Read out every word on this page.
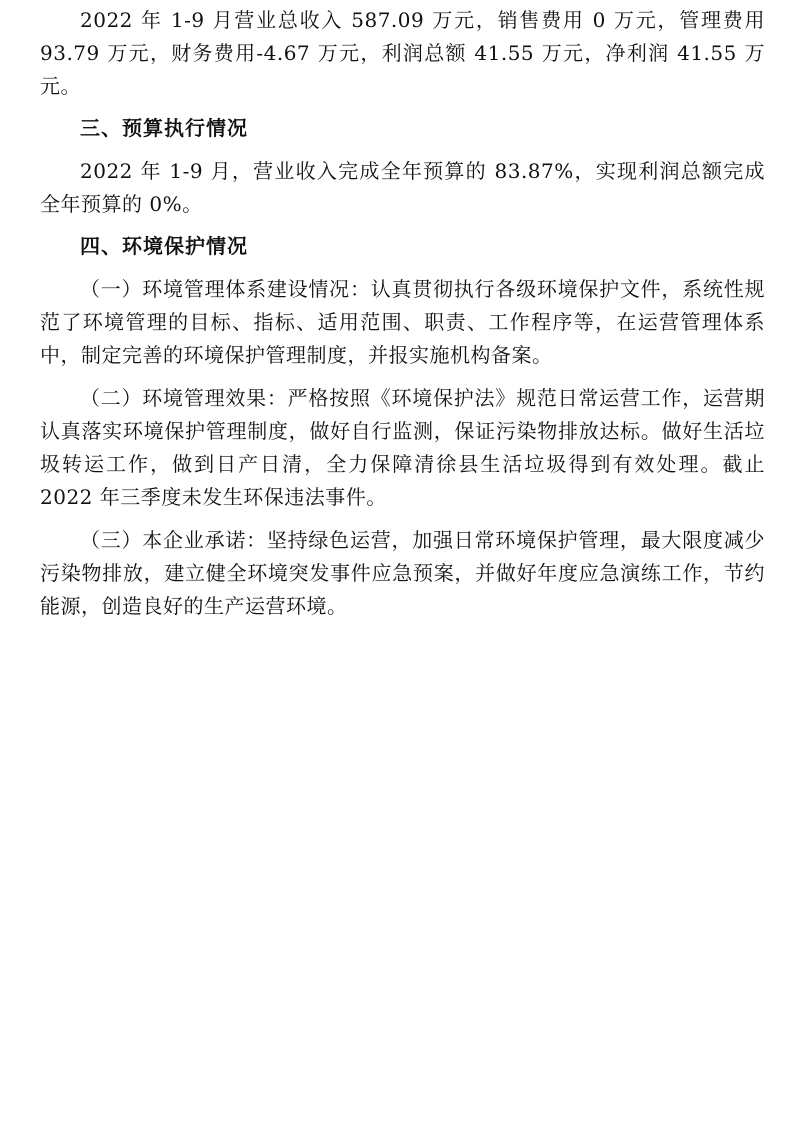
2022 年 1-9 月营业总收入 587.09 万元，销售费用 0 万元，管理费用 93.79 万元，财务费用-4.67 万元，利润总额 41.55 万元，净利润 41.55 万元。

三、预算执行情况

2022 年 1-9 月，营业收入完成全年预算的 83.87%，实现利润总额完成全年预算的 0%。

四、环境保护情况

（一）环境管理体系建设情况：认真贯彻执行各级环境保护文件，系统性规范了环境管理的目标、指标、适用范围、职责、工作程序等，在运营管理体系中，制定完善的环境保护管理制度，并报实施机构备案。

（二）环境管理效果：严格按照《环境保护法》规范日常运营工作，运营期认真落实环境保护管理制度，做好自行监测，保证污染物排放达标。做好生活垃圾转运工作，做到日产日清，全力保障清徐县生活垃圾得到有效处理。截止 2022 年三季度未发生环保违法事件。

（三）本企业承诺：坚持绿色运营，加强日常环境保护管理，最大限度减少污染物排放，建立健全环境突发事件应急预案，并做好年度应急演练工作，节约能源，创造良好的生产运营环境。
